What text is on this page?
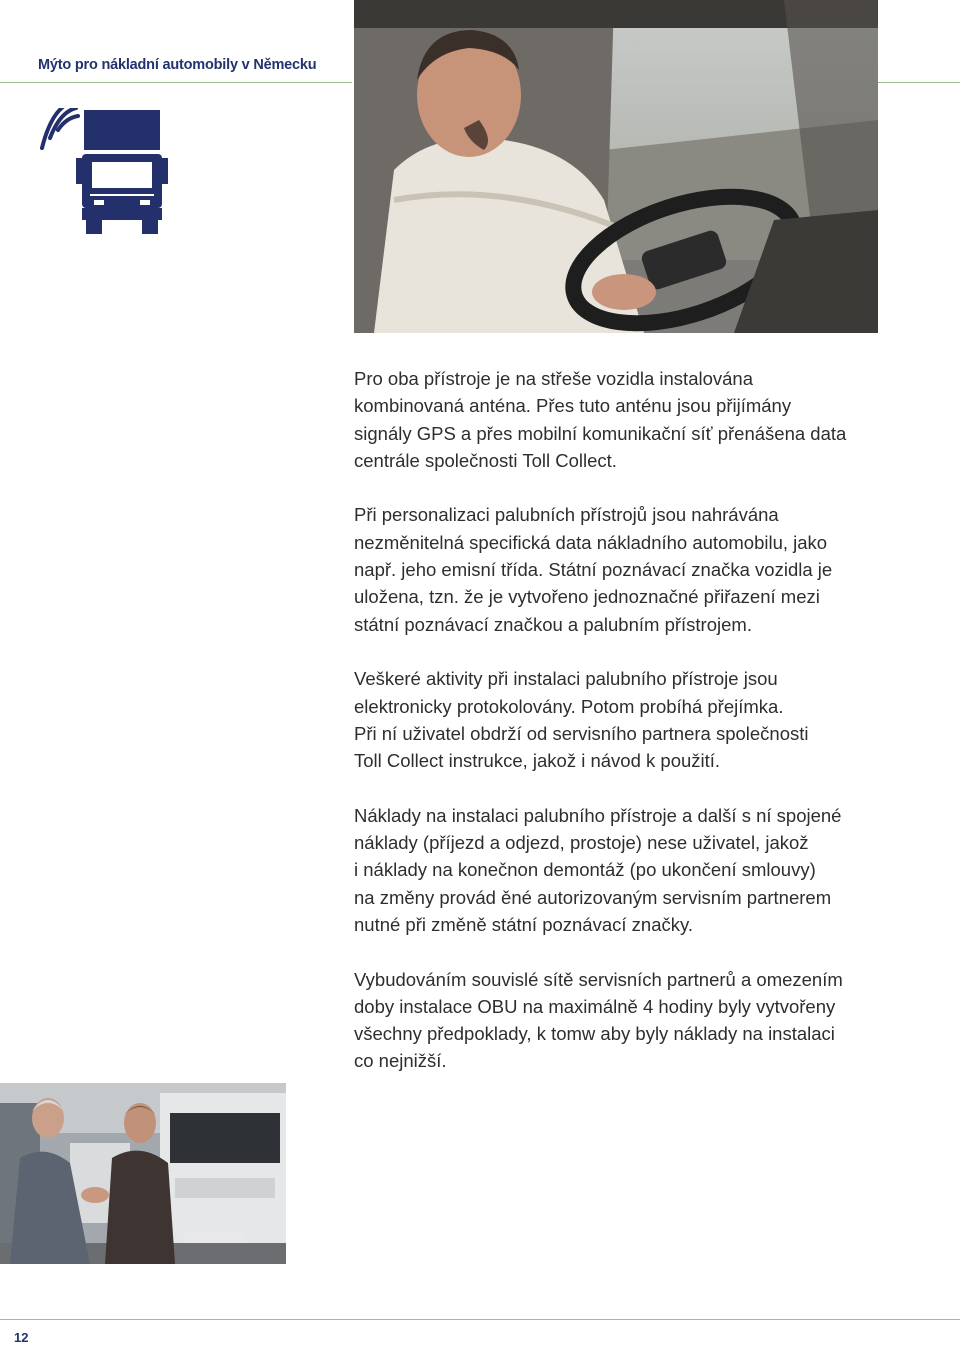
Mýto pro nákladní automobily v Německu

Pro oba přístroje je na střeše vozidla instalována
kombinovaná anténa. Přes tuto anténu jsou přijímány
signály GPS a přes mobilní komunikační síť přenášena data
centrále společnosti Toll Collect.

Při personalizaci palubních přístrojů jsou nahrávána
nezměnitelná specifická data nákladního automobilu, jako
např. jeho emisní třída. Státní poznávací značka vozidla je
uložena, tzn. že je vytvořeno jednoznačné přiřazení mezi
státní poznávací značkou a palubním přístrojem.

Veškeré aktivity při instalaci palubního přístroje jsou
elektronicky protokolovány. Potom probíhá přejímka.
Při ní uživatel obdrží od servisního partnera společnosti
Toll Collect instrukce, jakož i návod k použití.

Náklady na instalaci palubního přístroje a další s ní spojené
náklady (příjezd a odjezd, prostoje) nese uživatel, jakož
i náklady na konečnon demontáž (po ukončení smlouvy)
na změny provád ěné autorizovaným servisním partnerem
nutné při změně státní poznávací značky.

Vybudováním souvislé sítě servisních partnerů a omezením
doby instalace OBU na maximálně 4 hodiny byly vytvořeny
všechny předpoklady, k tomw aby byly náklady na instalaci
co nejnižší.

12
